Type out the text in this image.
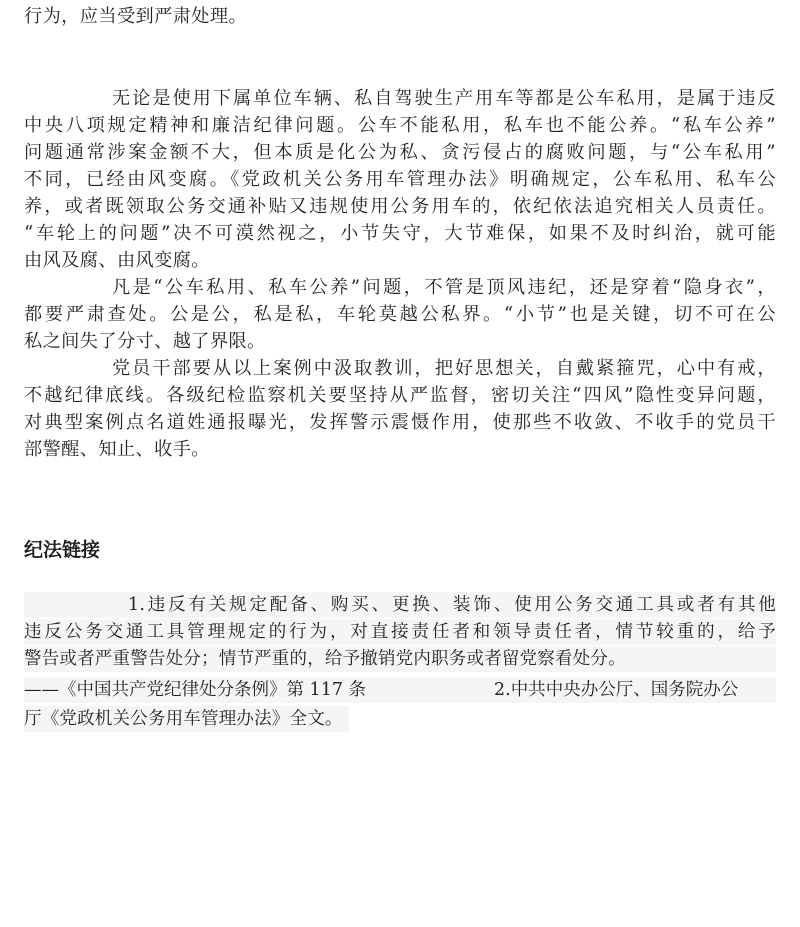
行为，应当受到严肃处理。
无论是使用下属单位车辆、私自驾驶生产用车等都是公车私用，是属于违反
中央八项规定精神和廉洁纪律问题。公车不能私用，私车也不能公养。“私车公养”
问题通常涉案金额不大，但本质是化公为私、贪污侵占的腐败问题，与“公车私用”
不同，已经由风变腐。《党政机关公务用车管理办法》明确规定，公车私用、私车公
养，或者既领取公务交通补贴又违规使用公务用车的，依纪依法追究相关人员责任。
“车轮上的问题”决不可漠然视之，小节失守，大节难保，如果不及时纠治，就可能
由风及腐、由风变腐。
凡是“公车私用、私车公养”问题，不管是顶风违纪，还是穿着“隐身衣”，
都要严肃查处。公是公，私是私，车轮莫越公私界。“小节”也是关键，切不可在公
私之间失了分寸、越了界限。
党员干部要从以上案例中汲取教训，把好思想关，自戴紧箍咒，心中有戒，
不越纪律底线。各级纪检监察机关要坚持从严监督，密切关注“四风”隐性变异问题，
对典型案例点名道姓通报曝光，发挥警示震慑作用，使那些不收敛、不收手的党员干
部警醒、知止、收手。
纪法链接
1.违反有关规定配备、购买、更换、装饰、使用公务交通工具或者有其他
违反公务交通工具管理规定的行为，对直接责任者和领导责任者，情节较重的，给予
警告或者严重警告处分；情节严重的，给予撤销党内职务或者留党察看处分。
——《中国共产党纪律处分条例》第 117 条	2.中共中央办公厅、国务院办公
厅《党政机关公务用车管理办法》全文。
